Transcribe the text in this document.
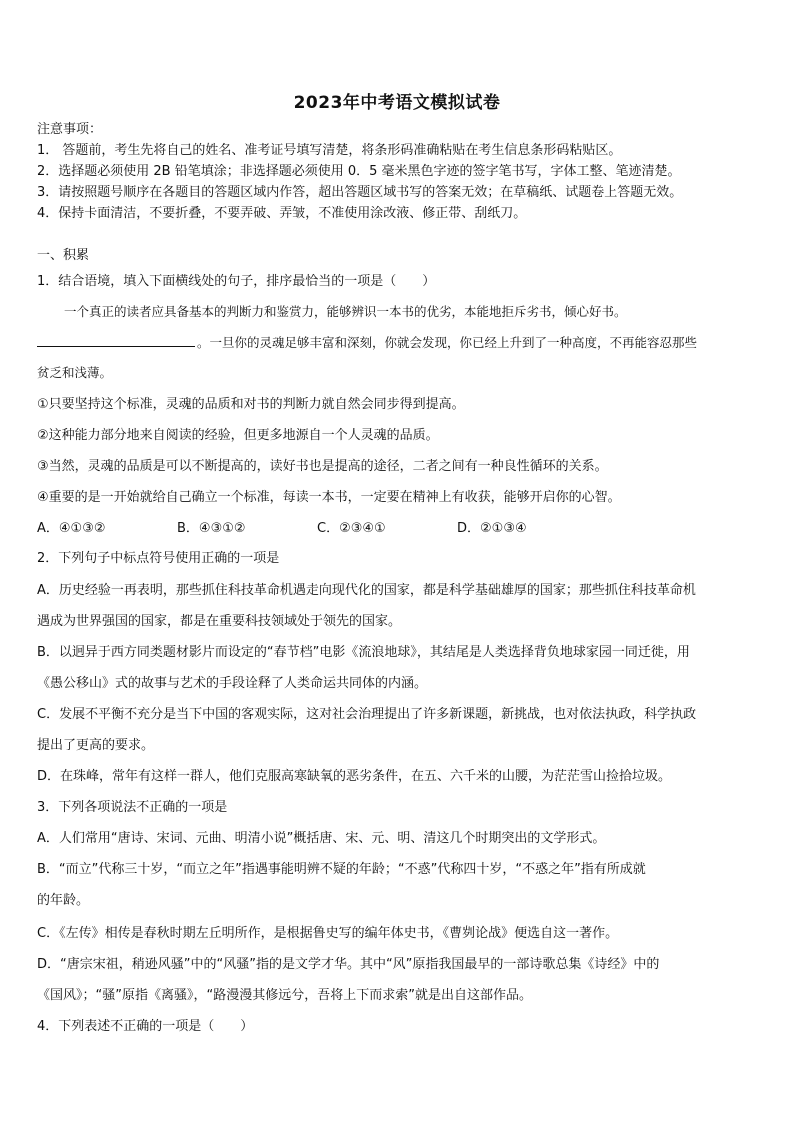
2023年中考语文模拟试卷
注意事项：
1． 答题前，考生先将自己的姓名、准考证号填写清楚，将条形码准确粘贴在考生信息条形码粘贴区。
2．选择题必须使用 2B 铅笔填涂；非选择题必须使用 0．5 毫米黑色字迹的签字笔书写，字体工整、笔迹清楚。
3．请按照题号顺序在各题目的答题区域内作答，超出答题区域书写的答案无效；在草稿纸、试题卷上答题无效。
4．保持卡面清洁，不要折叠，不要弄破、弄皱，不准使用涂改液、修正带、刮纸刀。
一、积累
1．结合语境，填入下面横线处的句子，排序最恰当的一项是（　　）
一个真正的读者应具备基本的判断力和鉴赏力，能够辨识一本书的优劣，本能地拒斥劣书，倾心好书。
。一旦你的灵魂足够丰富和深刻，你就会发现，你已经上升到了一种高度，不再能容忍那些
贫乏和浅薄。
①只要坚持这个标准，灵魂的品质和对书的判断力就自然会同步得到提高。
②这种能力部分地来自阅读的经验，但更多地源自一个人灵魂的品质。
③当然，灵魂的品质是可以不断提高的，读好书也是提高的途径，二者之间有一种良性循环的关系。
④重要的是一开始就给自己确立一个标准，每读一本书，一定要在精神上有收获，能够开启你的心智。
A．④①③②	B．④③①②	C．②③④①	D．②①③④
2．下列句子中标点符号使用正确的一项是
A．历史经验一再表明，那些抓住科技革命机遇走向现代化的国家，都是科学基础雄厚的国家；那些抓住科技革命机
遇成为世界强国的国家，都是在重要科技领域处于领先的国家。
B．以迥异于西方同类题材影片而设定的“春节档”电影《流浪地球》，其结尾是人类选择背负地球家园一同迁徙，用
《愚公移山》式的故事与艺术的手段诠释了人类命运共同体的内涵。
C．发展不平衡不充分是当下中国的客观实际，这对社会治理提出了许多新课题，新挑战，也对依法执政，科学执政
提出了更高的要求。
D．在珠峰，常年有这样一群人，他们克服高寒缺氧的恶劣条件，在五、六千米的山腰，为茫茫雪山捡拾垃圾。
3．下列各项说法不正确的一项是
A．人们常用“唐诗、宋词、元曲、明清小说”概括唐、宋、元、明、清这几个时期突出的文学形式。
B．“而立”代称三十岁，“而立之年”指遇事能明辨不疑的年龄；“不惑”代称四十岁，“不惑之年”指有所成就
的年龄。
C．《左传》相传是春秋时期左丘明所作，是根据鲁史写的编年体史书，《曹刿论战》便选自这一著作。
D．“唐宗宋祖，稍逊风骚”中的“风骚”指的是文学才华。其中“风”原指我国最早的一部诗歌总集《诗经》中的
《国风》；“骚”原指《离骚》，“路漫漫其修远兮，吾将上下而求索”就是出自这部作品。
4．下列表述不正确的一项是（　　）
